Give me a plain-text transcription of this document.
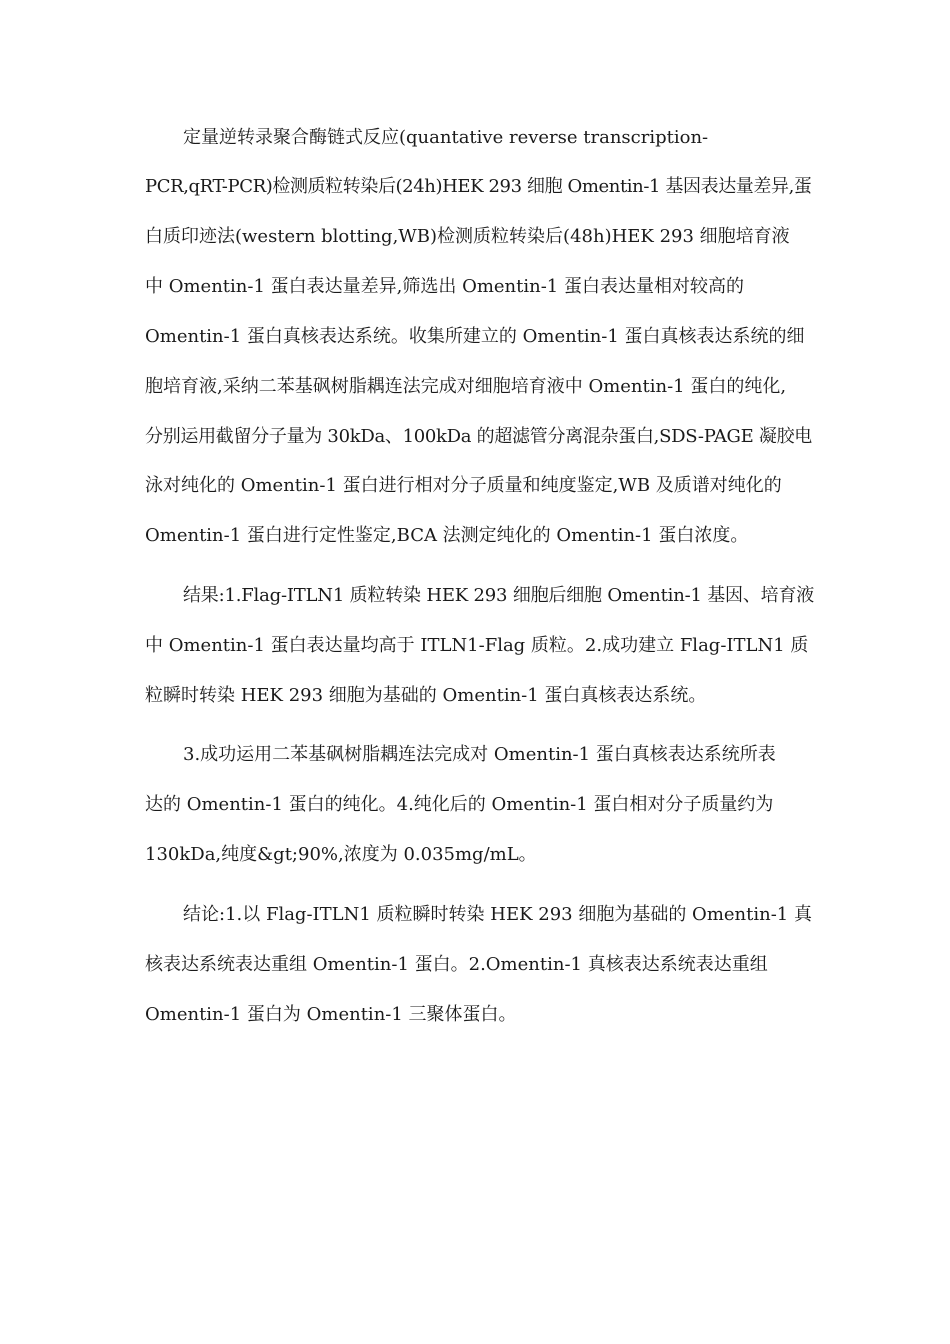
定量逆转录聚合酶链式反应(quantative reverse transcription-
PCR,qRT-PCR)检测质粒转染后(24h)HEK 293 细胞 Omentin-1 基因表达量差异,蛋
白质印迹法(western blotting,WB)检测质粒转染后(48h)HEK 293 细胞培育液
中 Omentin-1 蛋白表达量差异,筛选出 Omentin-1 蛋白表达量相对较高的
Omentin-1 蛋白真核表达系统。收集所建立的 Omentin-1 蛋白真核表达系统的细
胞培育液,采纳二苯基砜树脂耦连法完成对细胞培育液中 Omentin-1 蛋白的纯化,
分别运用截留分子量为 30kDa、100kDa 的超滤管分离混杂蛋白,SDS-PAGE 凝胶电
泳对纯化的 Omentin-1 蛋白进行相对分子质量和纯度鉴定,WB 及质谱对纯化的
Omentin-1 蛋白进行定性鉴定,BCA 法测定纯化的 Omentin-1 蛋白浓度。
结果:1.Flag-ITLN1 质粒转染 HEK 293 细胞后细胞 Omentin-1 基因、培育液
中 Omentin-1 蛋白表达量均高于 ITLN1-Flag 质粒。2.成功建立 Flag-ITLN1 质
粒瞬时转染 HEK 293 细胞为基础的 Omentin-1 蛋白真核表达系统。
3.成功运用二苯基砜树脂耦连法完成对 Omentin-1 蛋白真核表达系统所表
达的 Omentin-1 蛋白的纯化。4.纯化后的 Omentin-1 蛋白相对分子质量约为
130kDa,纯度&gt;90%,浓度为 0.035mg/mL。
结论:1.以 Flag-ITLN1 质粒瞬时转染 HEK 293 细胞为基础的 Omentin-1 真
核表达系统表达重组 Omentin-1 蛋白。2.Omentin-1 真核表达系统表达重组
Omentin-1 蛋白为 Omentin-1 三聚体蛋白。
